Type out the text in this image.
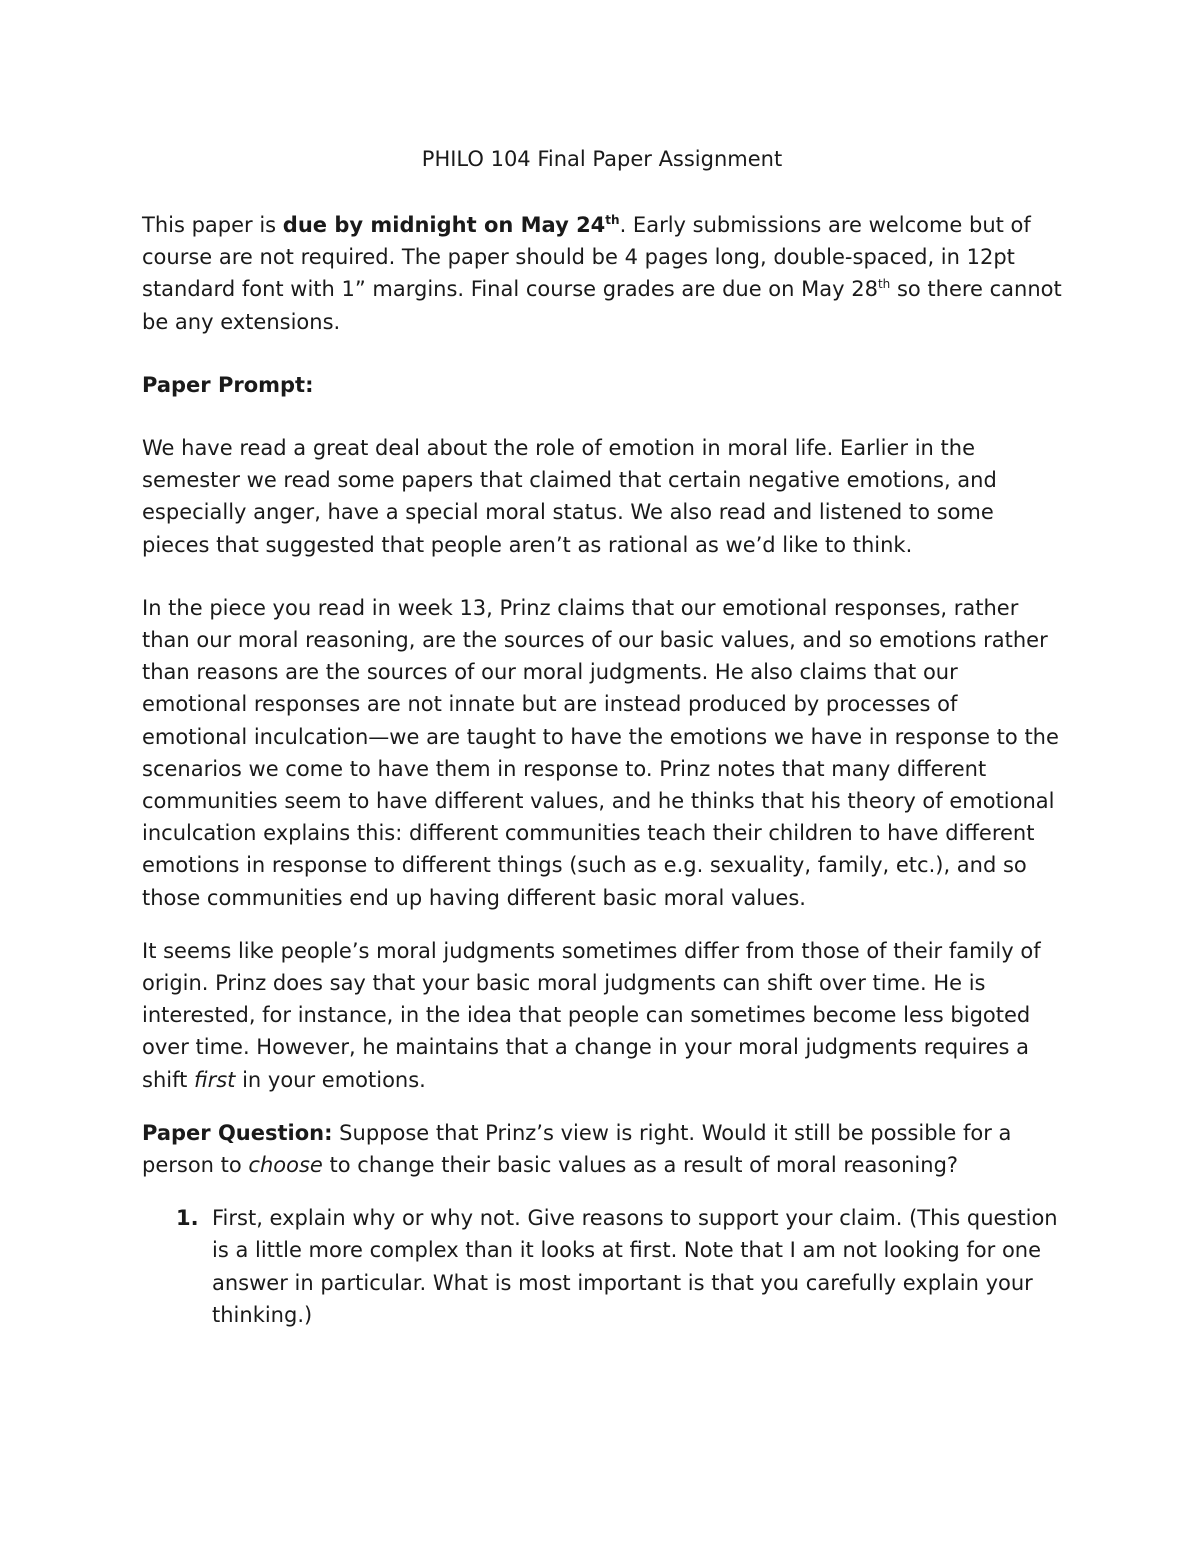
PHILO 104 Final Paper Assignment

This paper is due by midnight on May 24th. Early submissions are welcome but of course are not required. The paper should be 4 pages long, double-spaced, in 12pt standard font with 1” margins. Final course grades are due on May 28th so there cannot be any extensions.

Paper Prompt:

We have read a great deal about the role of emotion in moral life. Earlier in the semester we read some papers that claimed that certain negative emotions, and especially anger, have a special moral status. We also read and listened to some pieces that suggested that people aren’t as rational as we’d like to think.

In the piece you read in week 13, Prinz claims that our emotional responses, rather than our moral reasoning, are the sources of our basic values, and so emotions rather than reasons are the sources of our moral judgments. He also claims that our emotional responses are not innate but are instead produced by processes of emotional inculcation—we are taught to have the emotions we have in response to the scenarios we come to have them in response to. Prinz notes that many different communities seem to have different values, and he thinks that his theory of emotional inculcation explains this: different communities teach their children to have different emotions in response to different things (such as e.g. sexuality, family, etc.), and so those communities end up having different basic moral values.

It seems like people’s moral judgments sometimes differ from those of their family of origin. Prinz does say that your basic moral judgments can shift over time. He is interested, for instance, in the idea that people can sometimes become less bigoted over time. However, he maintains that a change in your moral judgments requires a shift first in your emotions.

Paper Question: Suppose that Prinz’s view is right. Would it still be possible for a person to choose to change their basic values as a result of moral reasoning?

1. First, explain why or why not. Give reasons to support your claim. (This question is a little more complex than it looks at first. Note that I am not looking for one answer in particular. What is most important is that you carefully explain your thinking.)
